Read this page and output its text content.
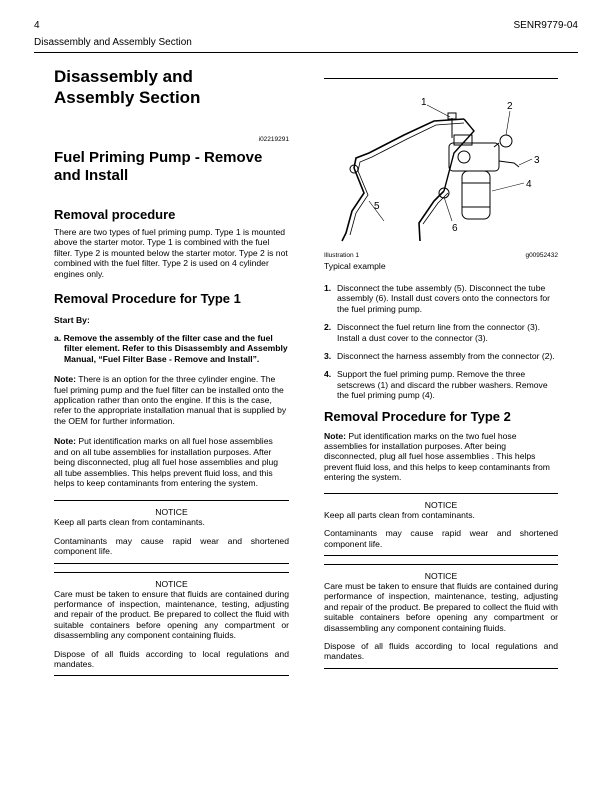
4	SENR9779-04
Disassembly and Assembly Section
Disassembly and
Assembly Section
i02219291
Fuel Priming Pump - Remove
and Install
Removal procedure

There are two types of fuel priming pump. Type 1 is mounted above the starter motor. Type 1 is combined with the fuel filter. Type 2 is mounted below the starter motor. Type 2 is not combined with the fuel filter. Type 2 is used on 4 cylinder engines only.

Removal Procedure for Type 1
Start By:
a. Remove the assembly of the filter case and the fuel filter element. Refer to this Disassembly and Assembly Manual, “Fuel Filter Base - Remove and Install”.

Note: There is an option for the three cylinder engine. The fuel priming pump and the fuel filter can be installed onto the application rather than onto the engine. If this is the case, refer to the appropriate installation manual that is supplied by the OEM for further information.

Note: Put identification marks on all fuel hose assemblies and on all tube assemblies for installation purposes. After being disconnected, plug all fuel hose assemblies and plug all tube assemblies. This helps prevent fluid loss, and this helps to keep contaminants from entering the system.

NOTICE

Keep all parts clean from contaminants.

Contaminants may cause rapid wear and shortened component life.

NOTICE

Care must be taken to ensure that fluids are contained during performance of inspection, maintenance, testing, adjusting and repair of the product. Be prepared to collect the fluid with suitable containers before opening any compartment or disassembling any component containing fluids.

Dispose of all fluids according to local regulations and mandates.

1	2
3
4
5
6
Illustration 1	g00952432
Typical example
1. Disconnect the tube assembly (5). Disconnect the tube assembly (6). Install dust covers onto the connectors for the fuel priming pump.
2. Disconnect the fuel return line from the connector (3). Install a dust cover to the connector (3).
3. Disconnect the harness assembly from the connector (2).
4. Support the fuel priming pump. Remove the three setscrews (1) and discard the rubber washers. Remove the fuel priming pump (4).
Removal Procedure for Type 2

Note: Put identification marks on the two fuel hose assemblies for installation purposes. After being disconnected, plug all fuel hose assemblies . This helps prevent fluid loss, and this helps to keep contaminants from entering the system.

NOTICE

Keep all parts clean from contaminants.

Contaminants may cause rapid wear and shortened component life.

NOTICE

Care must be taken to ensure that fluids are contained during performance of inspection, maintenance, testing, adjusting and repair of the product. Be prepared to collect the fluid with suitable containers before opening any compartment or disassembling any component containing fluids.

Dispose of all fluids according to local regulations and mandates.
